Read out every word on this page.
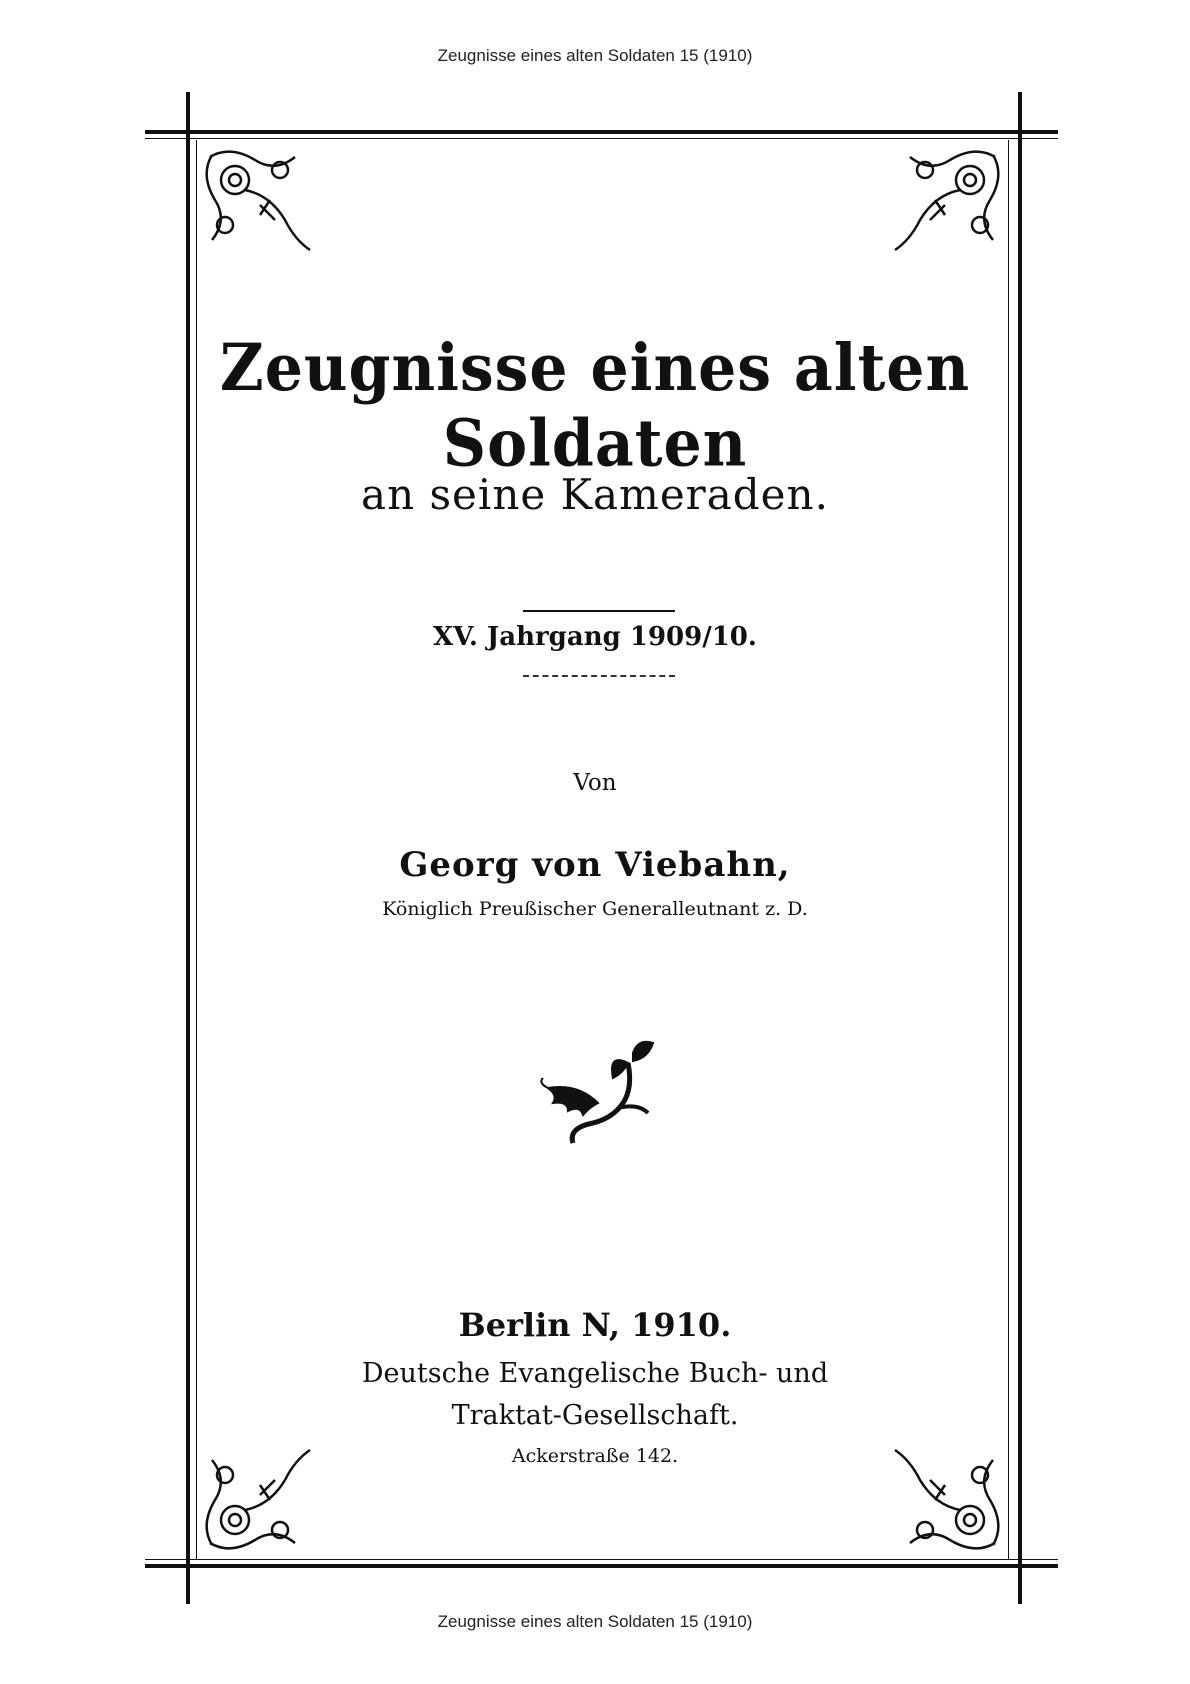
Zeugnisse eines alten Soldaten 15 (1910)
Zeugnisse eines alten Soldaten
an seine Kameraden.
XV. Jahrgang 1909/10.
Von
Georg von Viebahn,
Königlich Preußischer Generalleutnant z. D.
Berlin N, 1910.
Deutsche Evangelische Buch- und
Traktat-Gesellschaft.
Ackerstraße 142.
Zeugnisse eines alten Soldaten 15 (1910)
